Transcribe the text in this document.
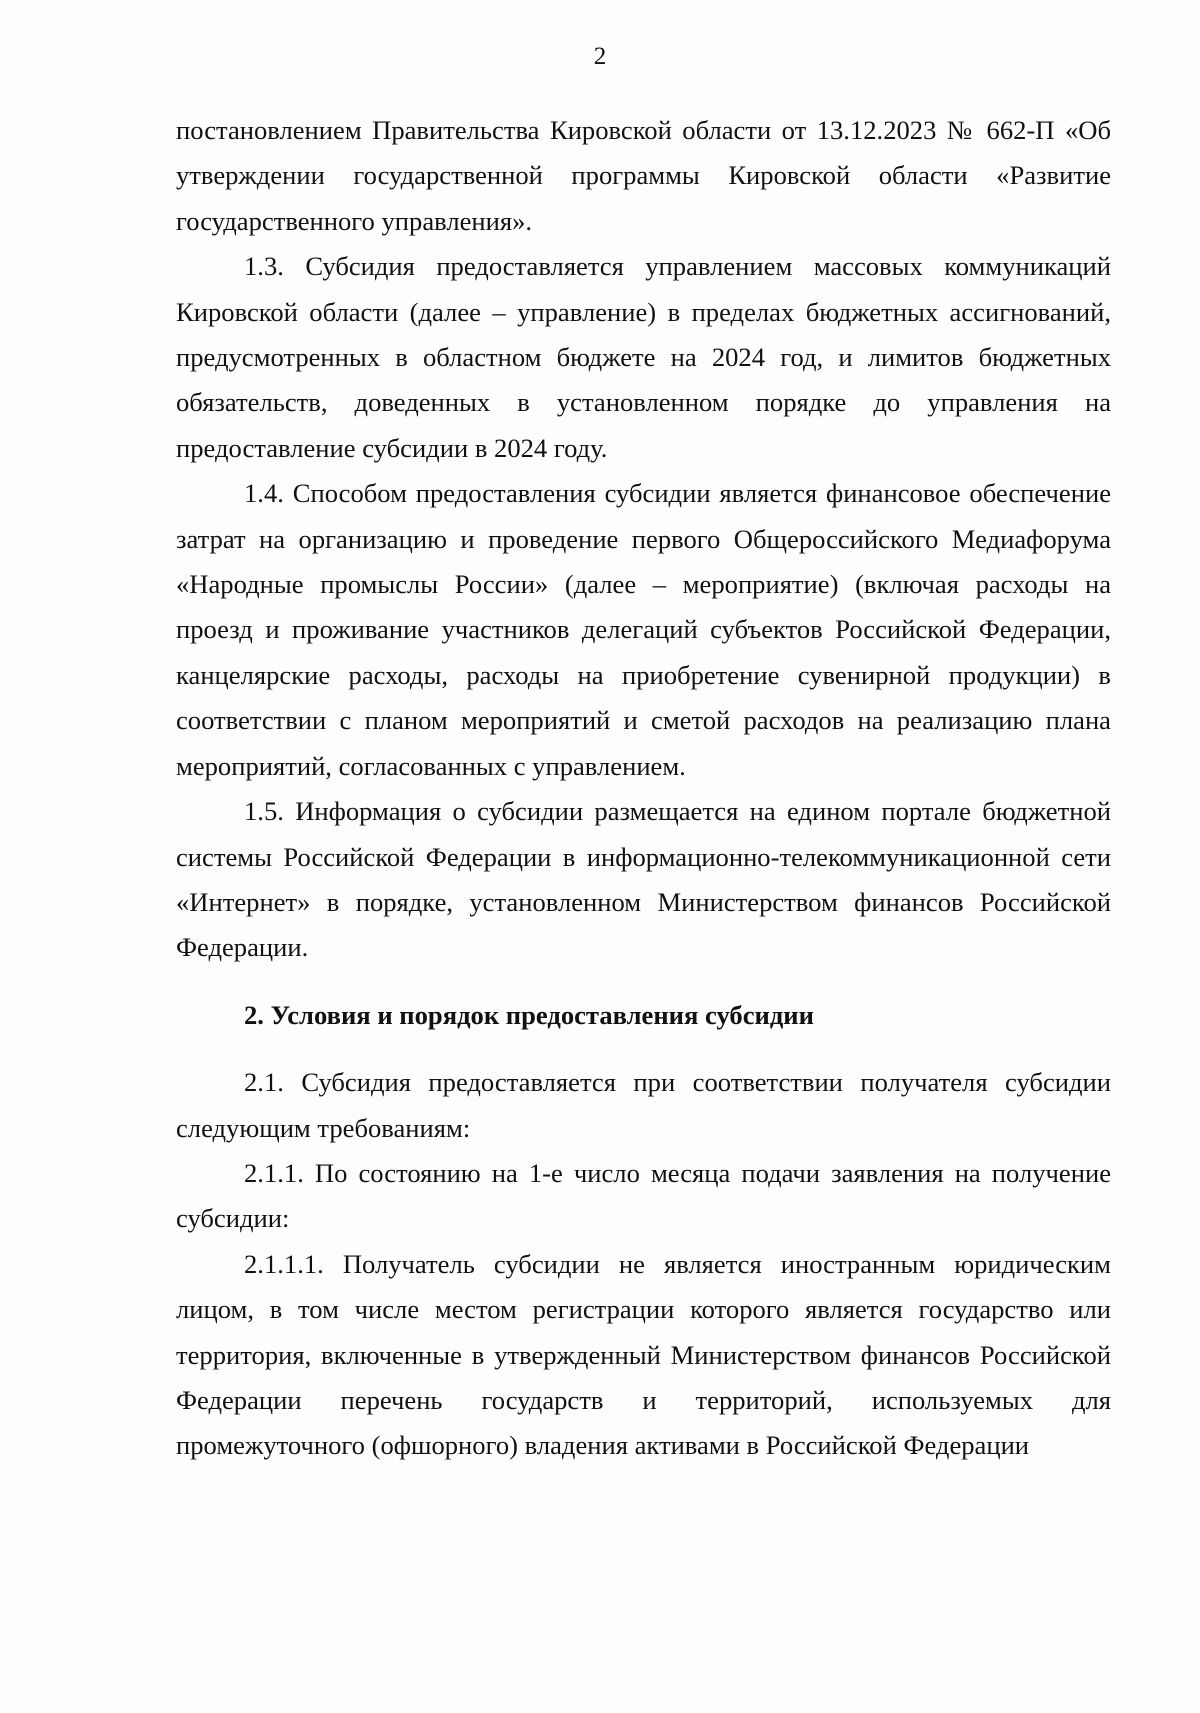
2

постановлением Правительства Кировской области от 13.12.2023 № 662-П «Об утверждении государственной программы Кировской области «Развитие государственного управления».

1.3. Субсидия предоставляется управлением массовых коммуникаций Кировской области (далее – управление) в пределах бюджетных ассигнований, предусмотренных в областном бюджете на 2024 год, и лимитов бюджетных обязательств, доведенных в установленном порядке до управления на предоставление субсидии в 2024 году.

1.4. Способом предоставления субсидии является финансовое обеспечение затрат на организацию и проведение первого Общероссийского Медиафорума «Народные промыслы России» (далее – мероприятие) (включая расходы на проезд и проживание участников делегаций субъектов Российской Федерации, канцелярские расходы, расходы на приобретение сувенирной продукции) в соответствии с планом мероприятий и сметой расходов на реализацию плана мероприятий, согласованных с управлением.

1.5. Информация о субсидии размещается на едином портале бюджетной системы Российской Федерации в информационно-телекоммуникационной сети «Интернет» в порядке, установленном Министерством финансов Российской Федерации.

2. Условия и порядок предоставления субсидии

2.1. Субсидия предоставляется при соответствии получателя субсидии следующим требованиям:

2.1.1. По состоянию на 1-е число месяца подачи заявления на получение субсидии:

2.1.1.1. Получатель субсидии не является иностранным юридическим лицом, в том числе местом регистрации которого является государство или территория, включенные в утвержденный Министерством финансов Российской Федерации перечень государств и территорий, используемых для промежуточного (офшорного) владения активами в Российской Федерации
